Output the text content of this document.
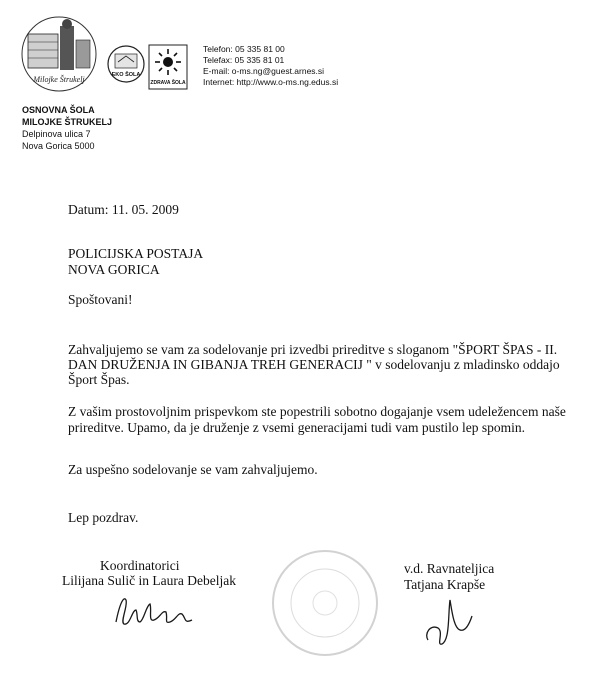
Milojke Štrukelj	EKO ŠOLA
ZDRAVA ŠOLA
Telefon: 05 335 81 00
Telefax: 05 335 81 01
E-mail: o-ms.ng@guest.arnes.si
Internet: http://www.o-ms.ng.edus.si
OSNOVNA ŠOLA
MILOJKE ŠTRUKELJ
Delpinova ulica 7
Nova Gorica 5000
Datum: 11. 05. 2009
POLICIJSKA POSTAJA
NOVA GORICA
Spoštovani!
Zahvaljujemo se vam za sodelovanje pri izvedbi prireditve s sloganom "ŠPORT ŠPAS - II.
DAN DRUŽENJA IN GIBANJA TREH GENERACIJ " v sodelovanju z mladinsko oddajo
Šport Špas.
Z vašim prostovoljnim prispevkom ste popestrili sobotno dogajanje vsem udeležencem naše
prireditve. Upamo, da je druženje z vsemi generacijami tudi vam pustilo lep spomin.
Za uspešno sodelovanje se vam zahvaljujemo.
Lep pozdrav.
Koordinatorici
Lilijana Sulič in Laura Debeljak
v.d. Ravnateljica
Tatjana Krapše
